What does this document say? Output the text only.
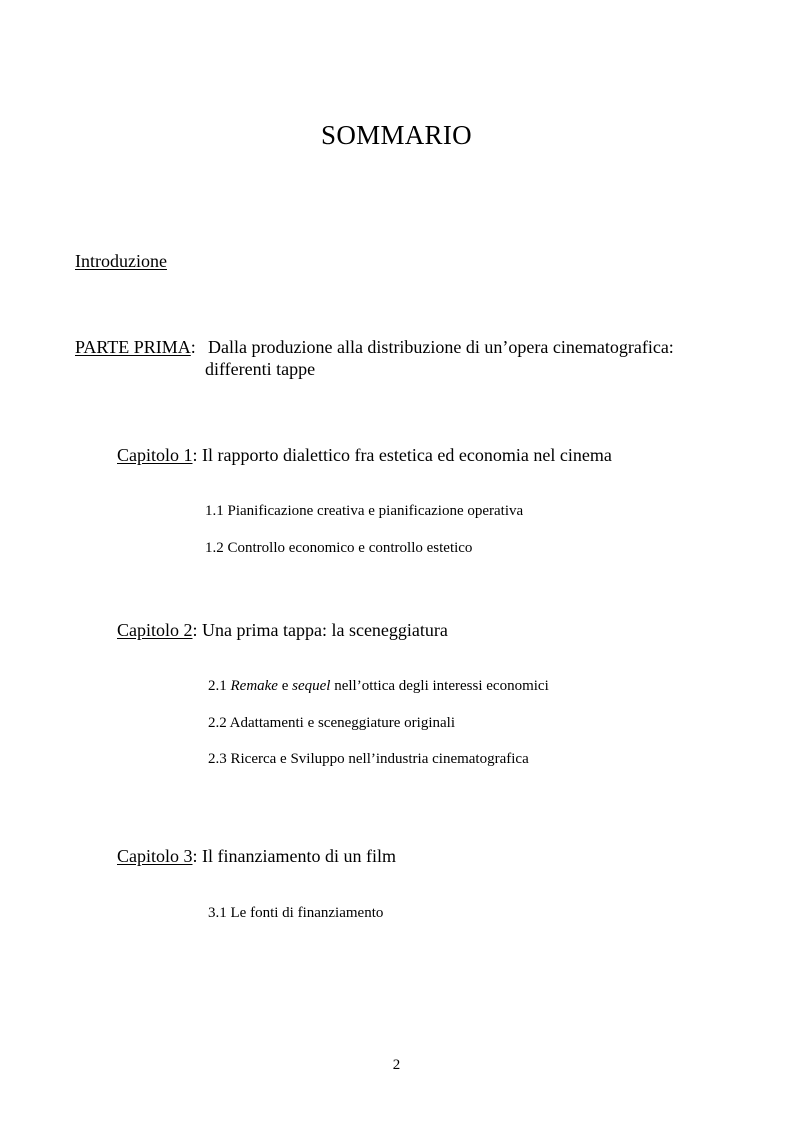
SOMMARIO
Introduzione
PARTE PRIMA: Dalla produzione alla distribuzione di un’opera cinematografica:
differenti tappe
Capitolo 1: Il rapporto dialettico fra estetica ed economia nel cinema
1.1 Pianificazione creativa e pianificazione operativa
1.2 Controllo economico e controllo estetico
Capitolo 2: Una prima tappa: la sceneggiatura
2.1 Remake e sequel nell’ottica degli interessi economici
2.2 Adattamenti e sceneggiature originali
2.3 Ricerca e Sviluppo nell’industria cinematografica
Capitolo 3: Il finanziamento di un film
3.1 Le fonti di finanziamento
2
